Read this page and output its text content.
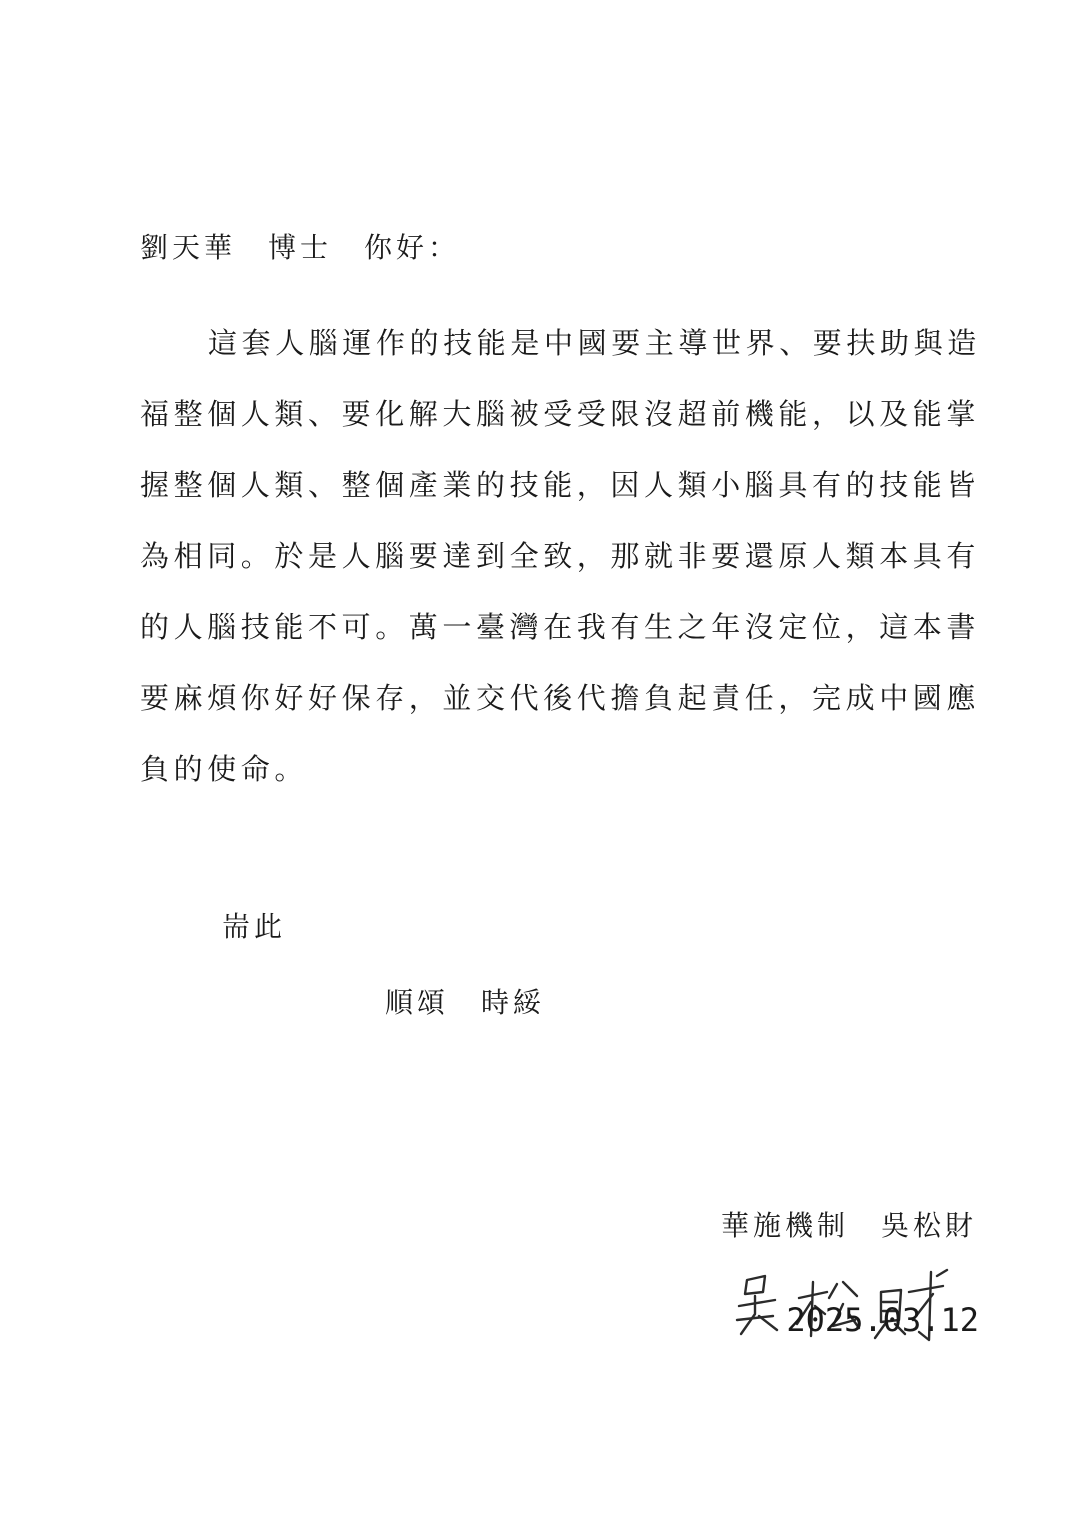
劉天華　博士　你好：
這套人腦運作的技能是中國要主導世界、要扶助與造
福整個人類、要化解大腦被受受限沒超前機能，以及能掌
握整個人類、整個產業的技能，因人類小腦具有的技能皆
為相同。於是人腦要達到全致，那就非要還原人類本具有
的人腦技能不可。萬一臺灣在我有生之年沒定位，這本書
要麻煩你好好保存，並交代後代擔負起責任，完成中國應
負的使命。
耑此
順頌　時綏
華施機制　吳松財
2025.03.12
